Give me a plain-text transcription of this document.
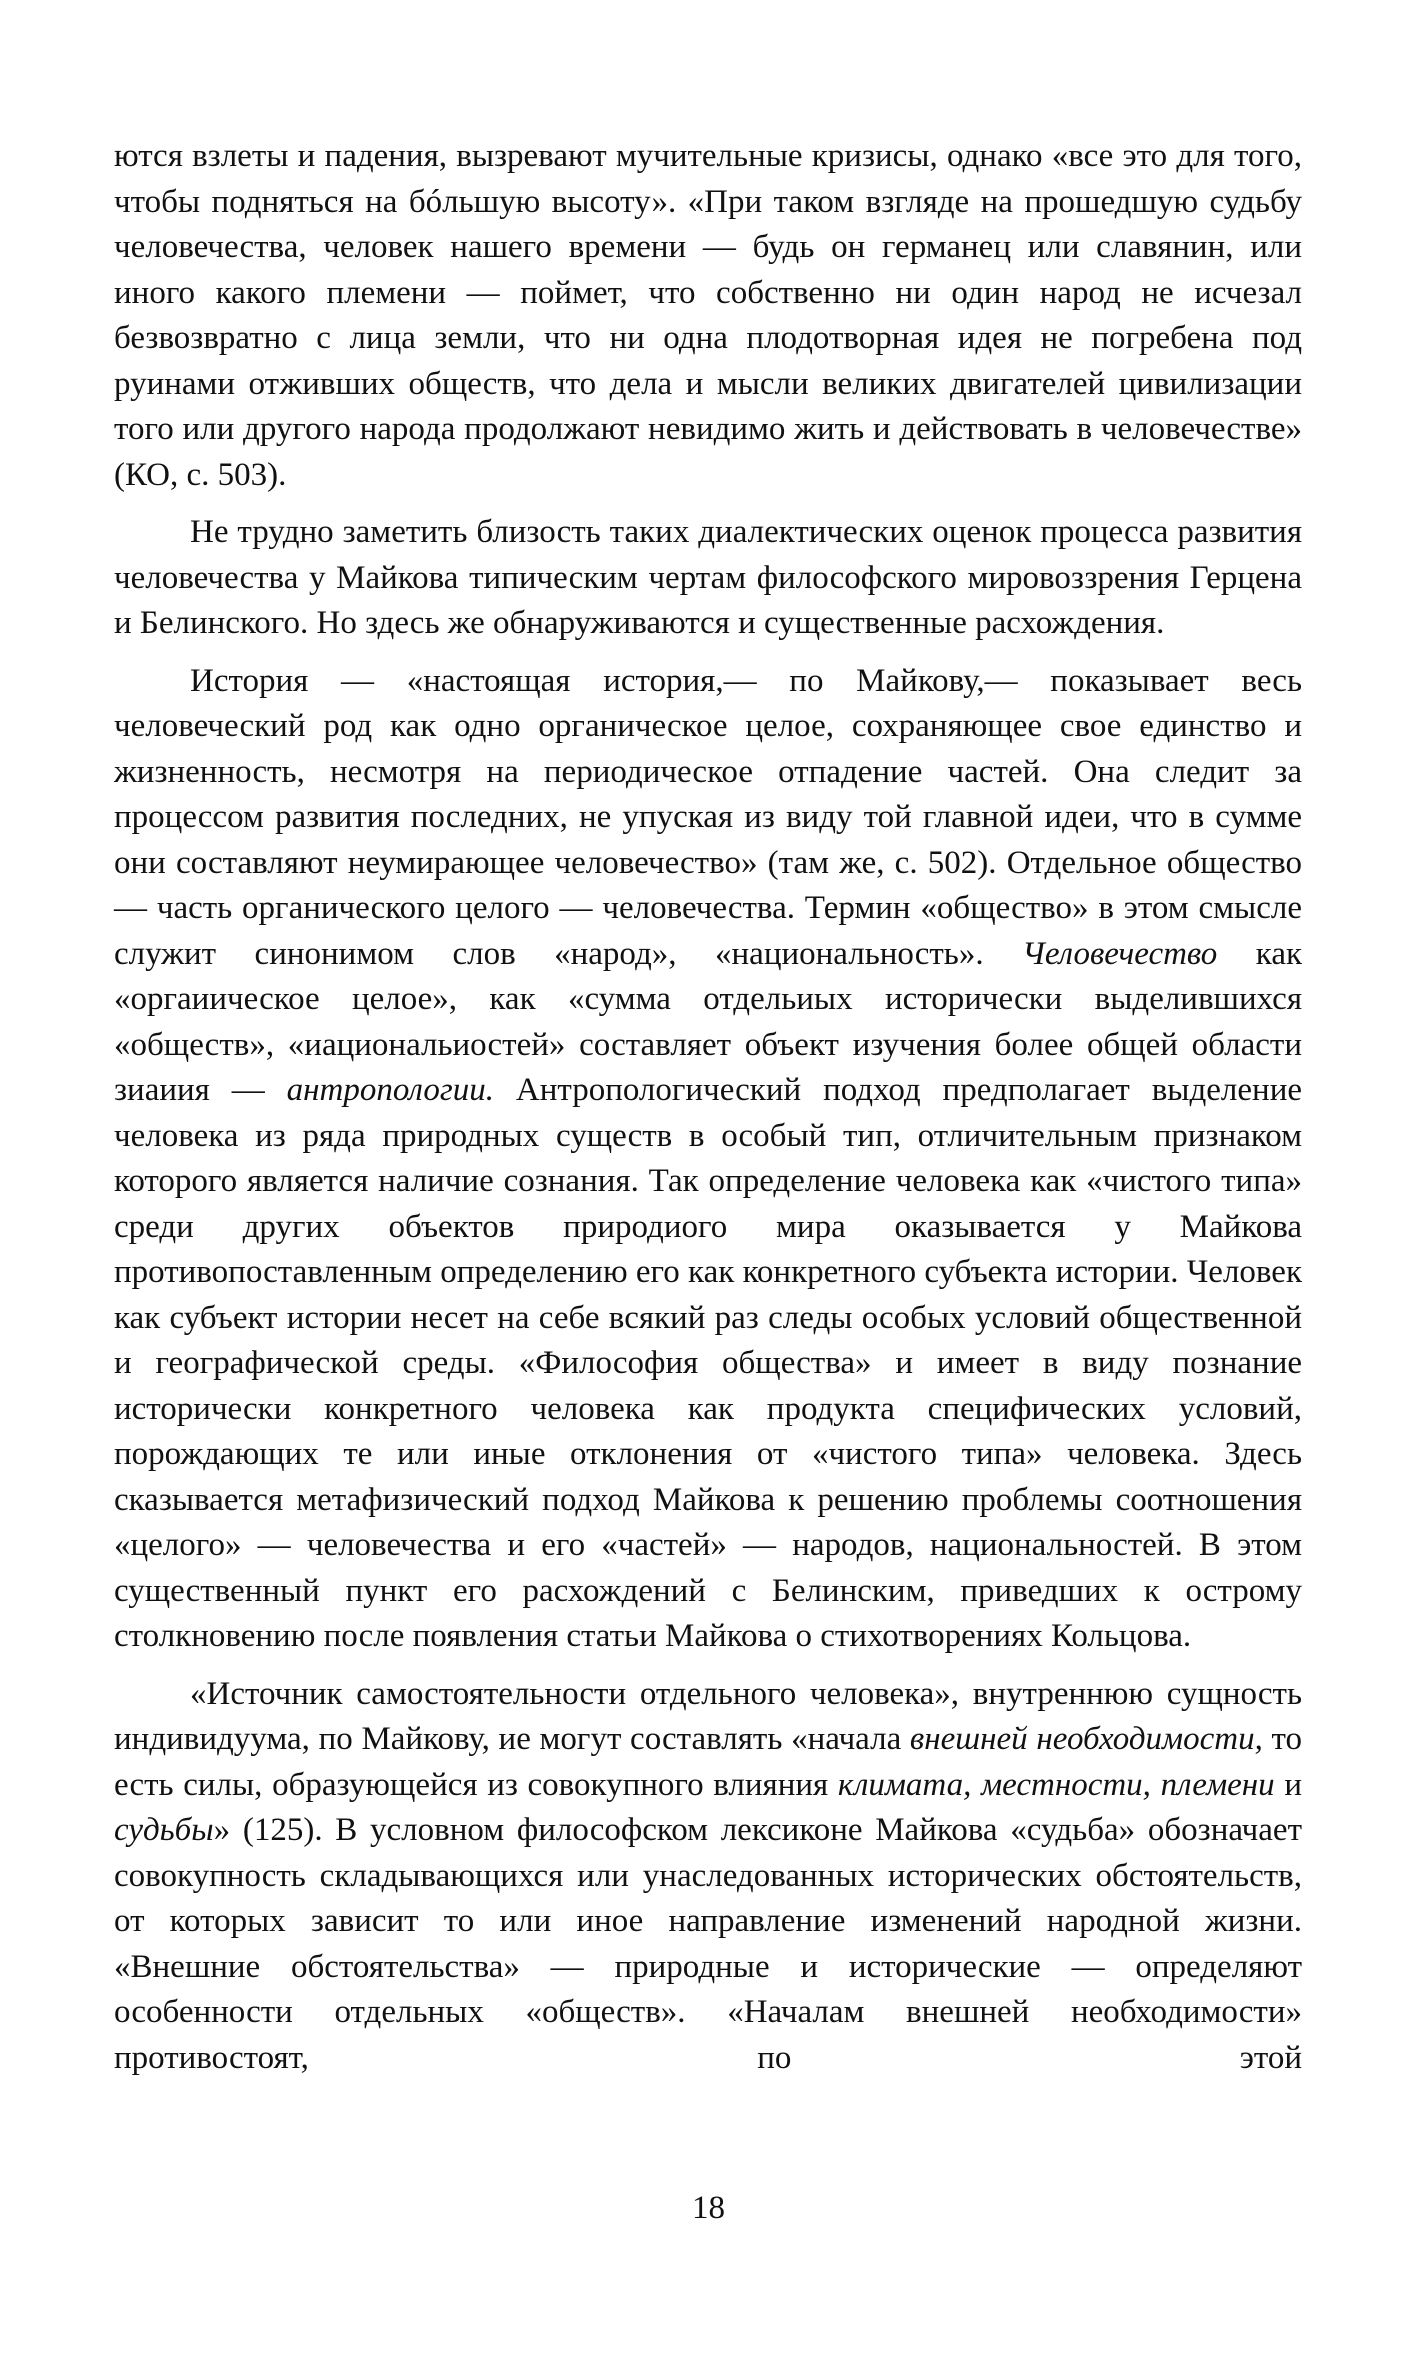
ются взлеты и падения, вызревают мучительные кризисы, однако «все это для того, чтобы подняться на бóльшую высоту». «При таком взгляде на прошедшую судьбу человечества, человек нашего времени — будь он германец или славянин, или иного какого племени — поймет, что собственно ни один народ не исчезал безвозвратно с лица земли, что ни одна плодотворная идея не погребена под руинами отживших обществ, что дела и мысли великих двигателей цивилизации того или другого народа продолжают невидимо жить и действовать в человечестве» (КО, с. 503).

Не трудно заметить близость таких диалектических оценок процесса развития человечества у Майкова типическим чертам философского мировоззрения Герцена и Белинского. Но здесь же обнаруживаются и существенные расхождения.

История — «настоящая история,— по Майкову,— показывает весь человеческий род как одно органическое целое, сохраняющее свое единство и жизненность, несмотря на периодическое отпадение частей. Она следит за процессом развития последних, не упуская из виду той главной идеи, что в сумме они составляют неумирающее человечество» (там же, с. 502). Отдельное общество — часть органического целого — человечества. Термин «общество» в этом смысле служит синонимом слов «народ», «национальность». Человечество как «оргаиическое целое», как «сумма отдельиых исторически выделившихся «обществ», «иациональиостей» составляет объект изучения более общей области зиаиия — антропологии. Антропологический подход предполагает выделение человека из ряда природных существ в особый тип, отличительным признаком которого является наличие сознания. Так определение человека как «чистого типа» среди других объектов природиого мира оказывается у Майкова противопоставленным определению его как конкретного субъекта истории. Человек как субъект истории несет на себе всякий раз следы особых условий общественной и географической среды. «Философия общества» и имеет в виду познание исторически конкретного человека как продукта специфических условий, порождающих те или иные отклонения от «чистого типа» человека. Здесь сказывается метафизический подход Майкова к решению проблемы соотношения «целого» — человечества и его «частей» — народов, национальностей. В этом существенный пункт его расхождений с Белинским, приведших к острому столкновению после появления статьи Майкова о стихотворениях Кольцова.

«Источник самостоятельности отдельного человека», внутреннюю сущность индивидуума, по Майкову, ие могут составлять «начала внешней необходимости, то есть силы, образующейся из совокупного влияния климата, местности, племени и судьбы» (125). В условном философском лексиконе Майкова «судьба» обозначает совокупность складывающихся или унаследованных исторических обстоятельств, от которых зависит то или иное направление изменений народной жизни. «Внешние обстоятельства» — природные и исторические — определяют особенности отдельных «обществ». «Началам внешней необходимости» противостоят, по этой

18
